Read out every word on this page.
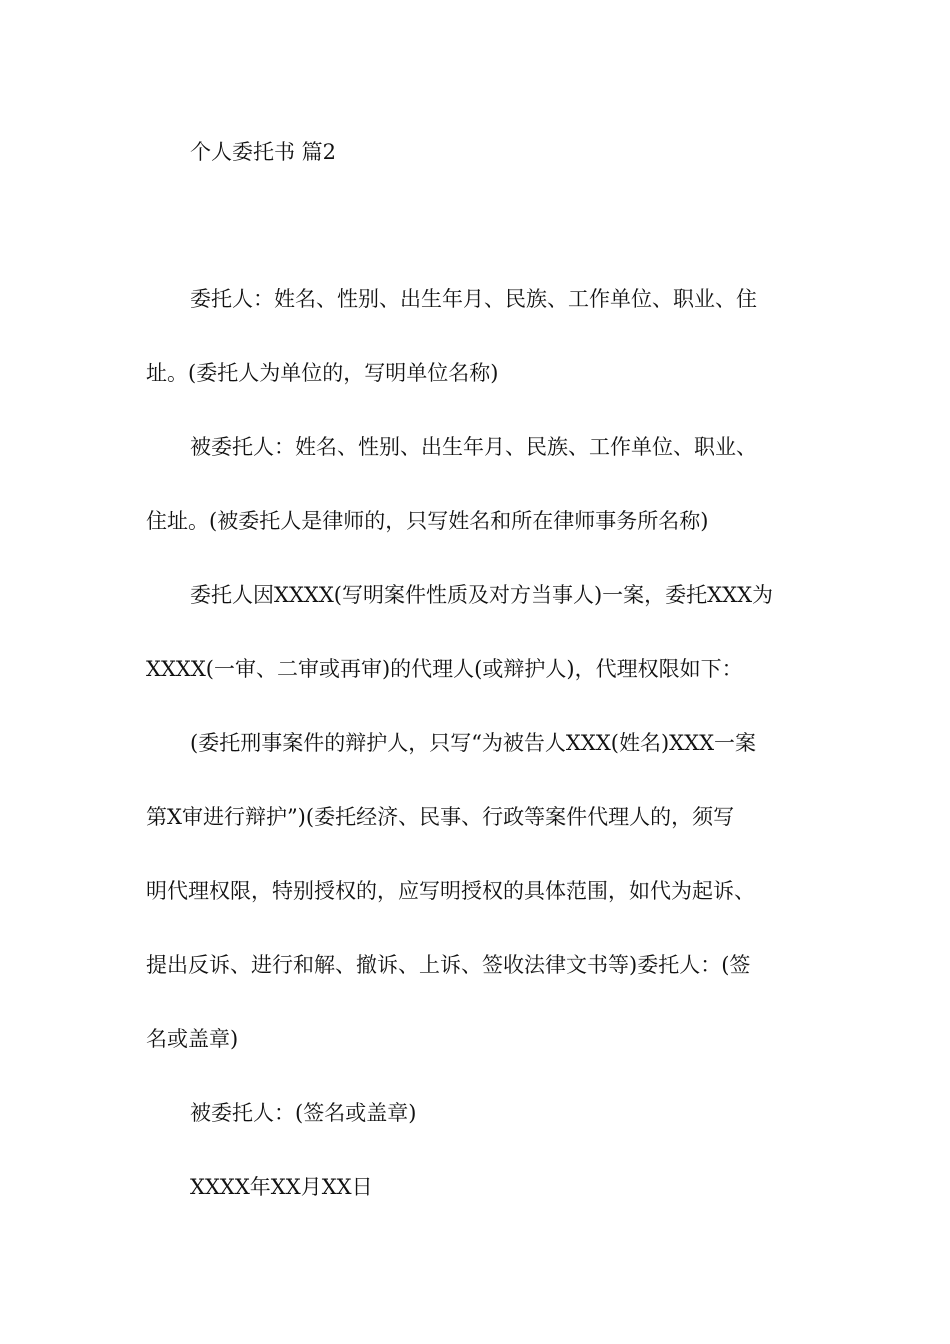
个人委托书 篇2

委托人：姓名、性别、出生年月、民族、工作单位、职业、住
址。(委托人为单位的，写明单位名称)

被委托人：姓名、性别、出生年月、民族、工作单位、职业、
住址。(被委托人是律师的，只写姓名和所在律师事务所名称)

委托人因XXXX(写明案件性质及对方当事人)一案，委托XXX为
XXXX(一审、二审或再审)的代理人(或辩护人)，代理权限如下：

(委托刑事案件的辩护人，只写“为被告人XXX(姓名)XXX一案
第X审进行辩护”)(委托经济、民事、行政等案件代理人的，须写
明代理权限，特别授权的，应写明授权的具体范围，如代为起诉、
提出反诉、进行和解、撤诉、上诉、签收法律文书等)委托人：(签
名或盖章)

被委托人：(签名或盖章)

XXXX年XX月XX日
